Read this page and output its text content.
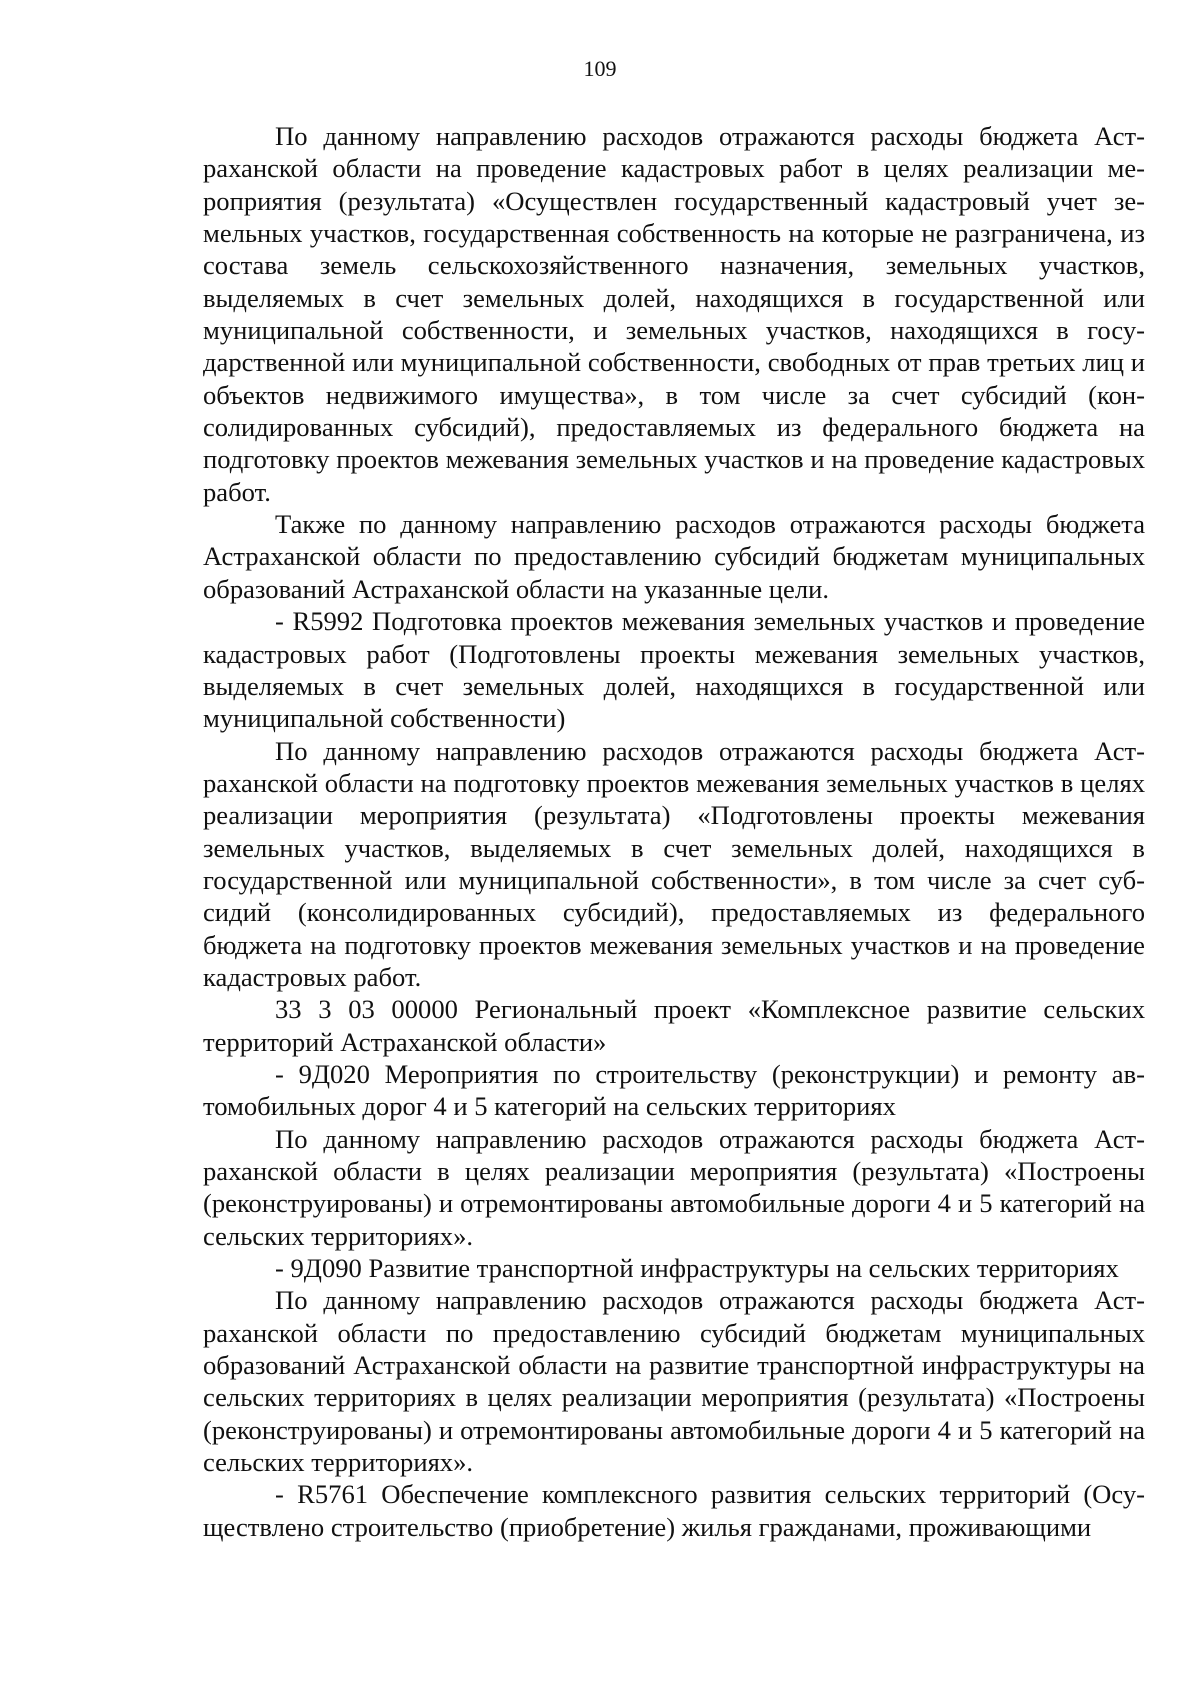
109

По данному направлению расходов отражаются расходы бюджета Астраханской области на проведение кадастровых работ в целях реализации мероприятия (результата) «Осуществлен государственный кадастровый учет земельных участков, государственная собственность на которые не разграничена, из состава земель сельскохозяйственного назначения, земельных участков, выделяемых в счет земельных долей, находящихся в государственной или муниципальной собственности, и земельных участков, находящихся в государственной или муниципальной собственности, свободных от прав третьих лиц и объектов недвижимого имущества», в том числе за счет субсидий (консолидированных субсидий), предоставляемых из федерального бюджета на подготовку проектов межевания земельных участков и на проведение кадастровых работ.

Также по данному направлению расходов отражаются расходы бюджета Астраханской области по предоставлению субсидий бюджетам муниципальных образований Астраханской области на указанные цели.

- R5992 Подготовка проектов межевания земельных участков и проведение кадастровых работ (Подготовлены проекты межевания земельных участков, выделяемых в счет земельных долей, находящихся в государственной или муниципальной собственности)

По данному направлению расходов отражаются расходы бюджета Астраханской области на подготовку проектов межевания земельных участков в целях реализации мероприятия (результата) «Подготовлены проекты межевания земельных участков, выделяемых в счет земельных долей, находящихся в государственной или муниципальной собственности», в том числе за счет субсидий (консолидированных субсидий), предоставляемых из федерального бюджета на подготовку проектов межевания земельных участков и на проведение кадастровых работ.

33 3 03 00000 Региональный проект «Комплексное развитие сельских территорий Астраханской области»

- 9Д020 Мероприятия по строительству (реконструкции) и ремонту автомобильных дорог 4 и 5 категорий на сельских территориях

По данному направлению расходов отражаются расходы бюджета Астраханской области в целях реализации мероприятия (результата) «Построены (реконструированы) и отремонтированы автомобильные дороги 4 и 5 категорий на сельских территориях».

- 9Д090 Развитие транспортной инфраструктуры на сельских территориях

По данному направлению расходов отражаются расходы бюджета Астраханской области по предоставлению субсидий бюджетам муниципальных образований Астраханской области на развитие транспортной инфраструктуры на сельских территориях в целях реализации мероприятия (результата) «Построены (реконструированы) и отремонтированы автомобильные дороги 4 и 5 категорий на сельских территориях».

- R5761 Обеспечение комплексного развития сельских территорий (Осуществлено строительство (приобретение) жилья гражданами, проживающими
